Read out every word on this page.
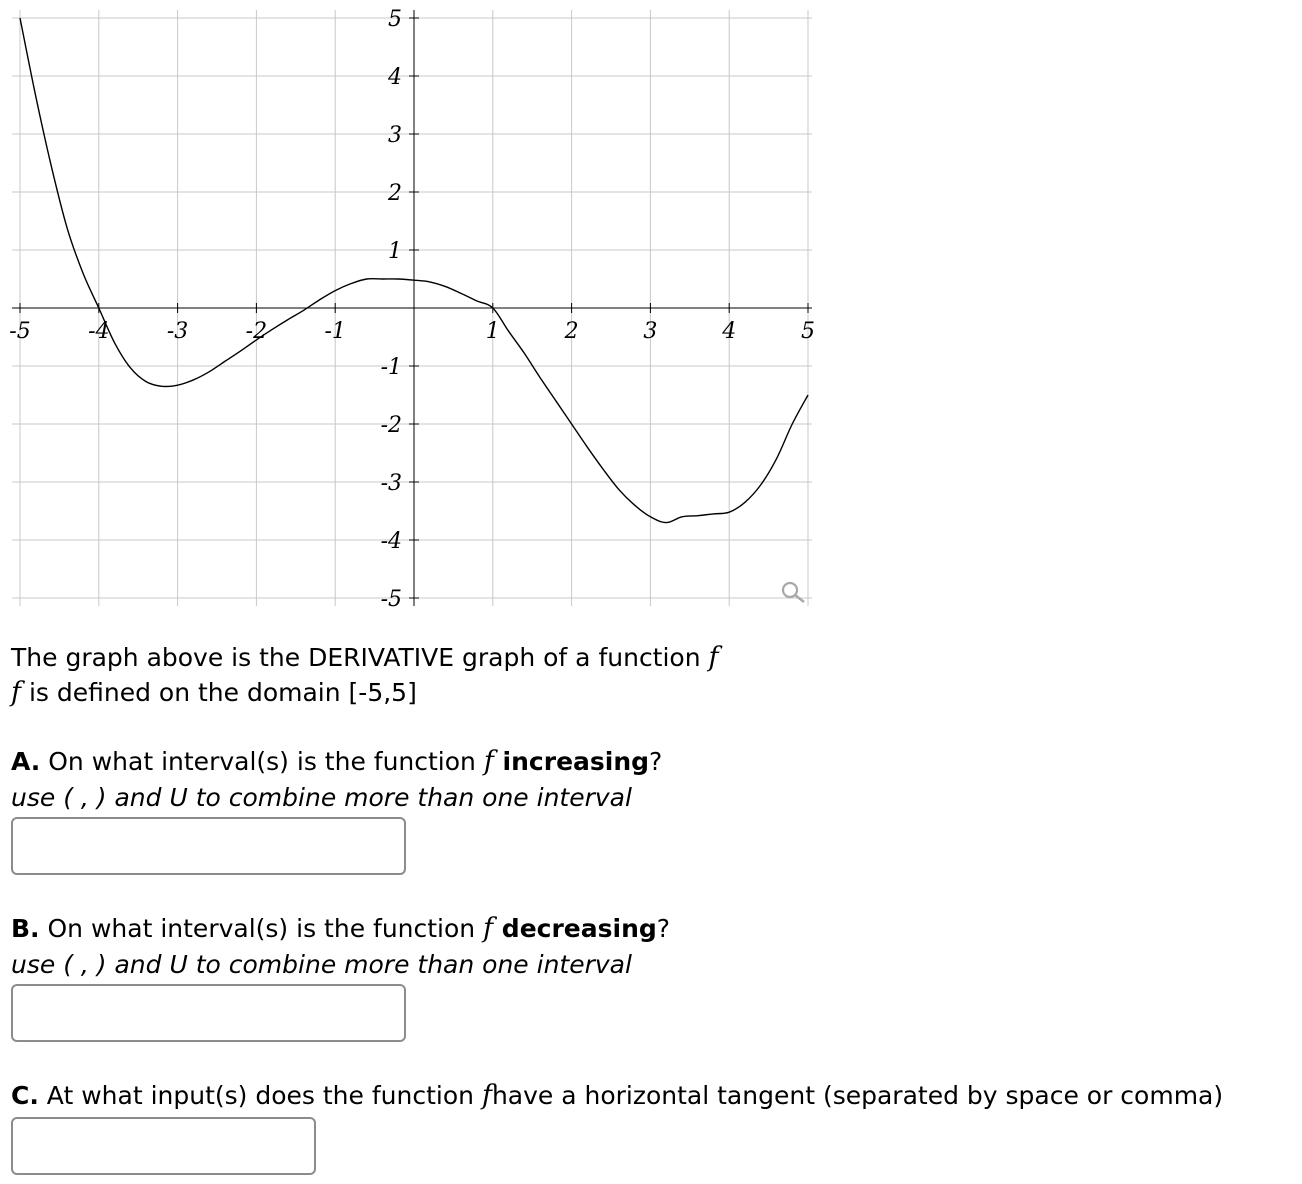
-5	-4	-3	-2	-1	1	2	3	4	5
5
4
3
2
1
-1
-2
-3
-4
-5
The graph above is the DERIVATIVE graph of a function f
f is defined on the domain [-5,5]
A. On what interval(s) is the function f increasing?
use ( , ) and U to combine more than one interval
B. On what interval(s) is the function f decreasing?
use ( , ) and U to combine more than one interval
C. At what input(s) does the function fhave a horizontal tangent (separated by space or comma)
